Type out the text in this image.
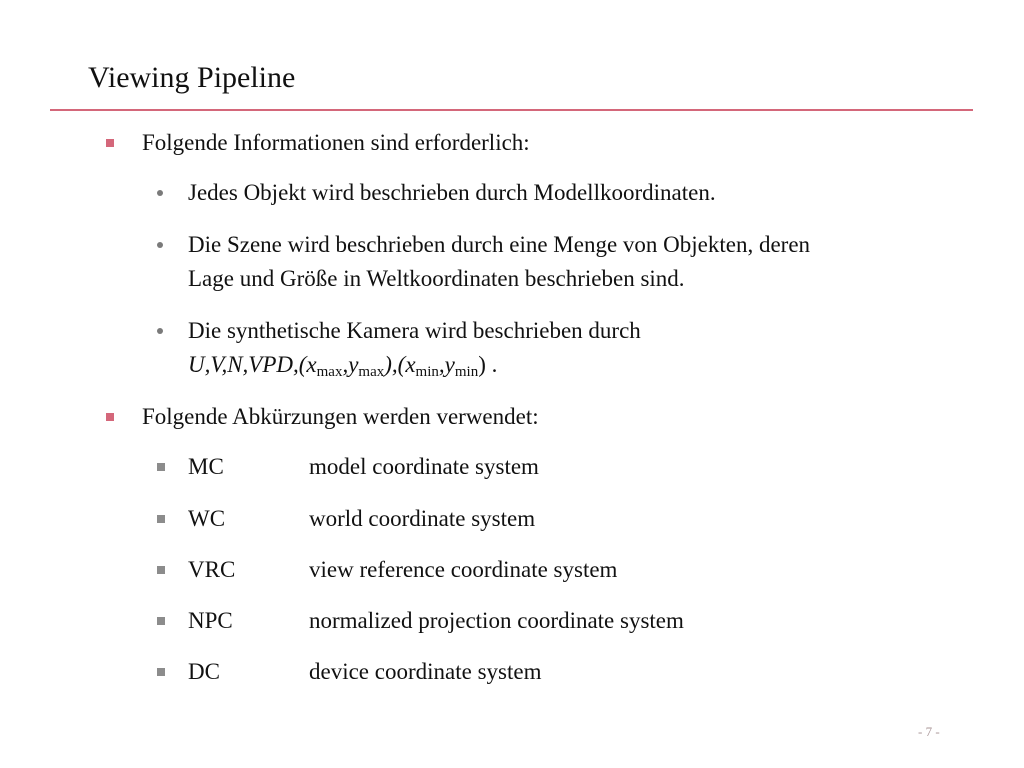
Viewing Pipeline
Folgende Informationen sind erforderlich:
Jedes Objekt wird beschrieben durch Modellkoordinaten.
Die Szene wird beschrieben durch eine Menge von Objekten, deren
Lage und Größe in Weltkoordinaten beschrieben sind.
Die synthetische Kamera wird beschrieben durch
$U,V,N,VPD,(x_{max},y_{max}),(x_{min},y_{min})$ .
Folgende Abkürzungen werden verwendet:
MC	model coordinate system
WC	world coordinate system
VRC	view reference coordinate system
NPC	normalized projection coordinate system
DC	device coordinate system
- 7 -
